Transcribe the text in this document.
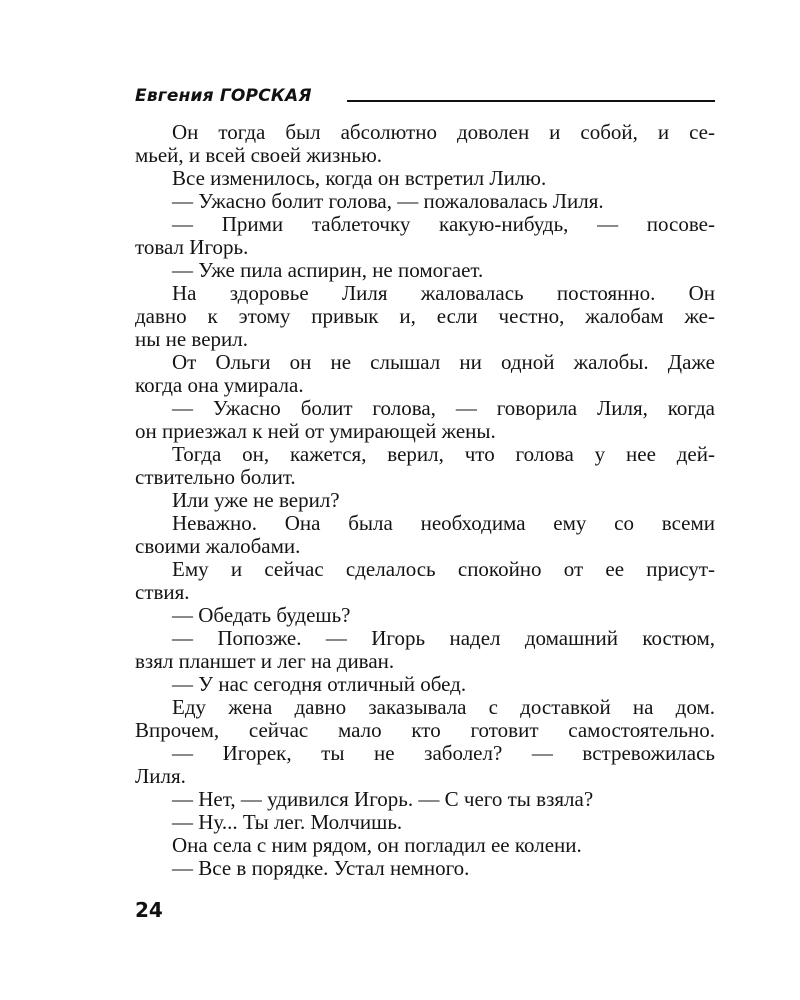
Евгения ГОРСКАЯ
Он тогда был абсолютно доволен и собой, и се-
мьей, и всей своей жизнью.
Все изменилось, когда он встретил Лилю.
— Ужасно болит голова, — пожаловалась Лиля.
— Прими таблеточку какую-нибудь, — посове-
товал Игорь.
— Уже пила аспирин, не помогает.
На здоровье Лиля жаловалась постоянно. Он
давно к этому привык и, если честно, жалобам же-
ны не верил.
От Ольги он не слышал ни одной жалобы. Даже
когда она умирала.
— Ужасно болит голова, — говорила Лиля, когда
он приезжал к ней от умирающей жены.
Тогда он, кажется, верил, что голова у нее дей-
ствительно болит.
Или уже не верил?
Неважно. Она была необходима ему со всеми
своими жалобами.
Ему и сейчас сделалось спокойно от ее присут-
ствия.
— Обедать будешь?
— Попозже. — Игорь надел домашний костюм,
взял планшет и лег на диван.
— У нас сегодня отличный обед.
Еду жена давно заказывала с доставкой на дом.
Впрочем, сейчас мало кто готовит самостоятельно.
— Игорек, ты не заболел? — встревожилась
Лиля.
— Нет, — удивился Игорь. — С чего ты взяла?
— Ну... Ты лег. Молчишь.
Она села с ним рядом, он погладил ее колени.
— Все в порядке. Устал немного.
24
